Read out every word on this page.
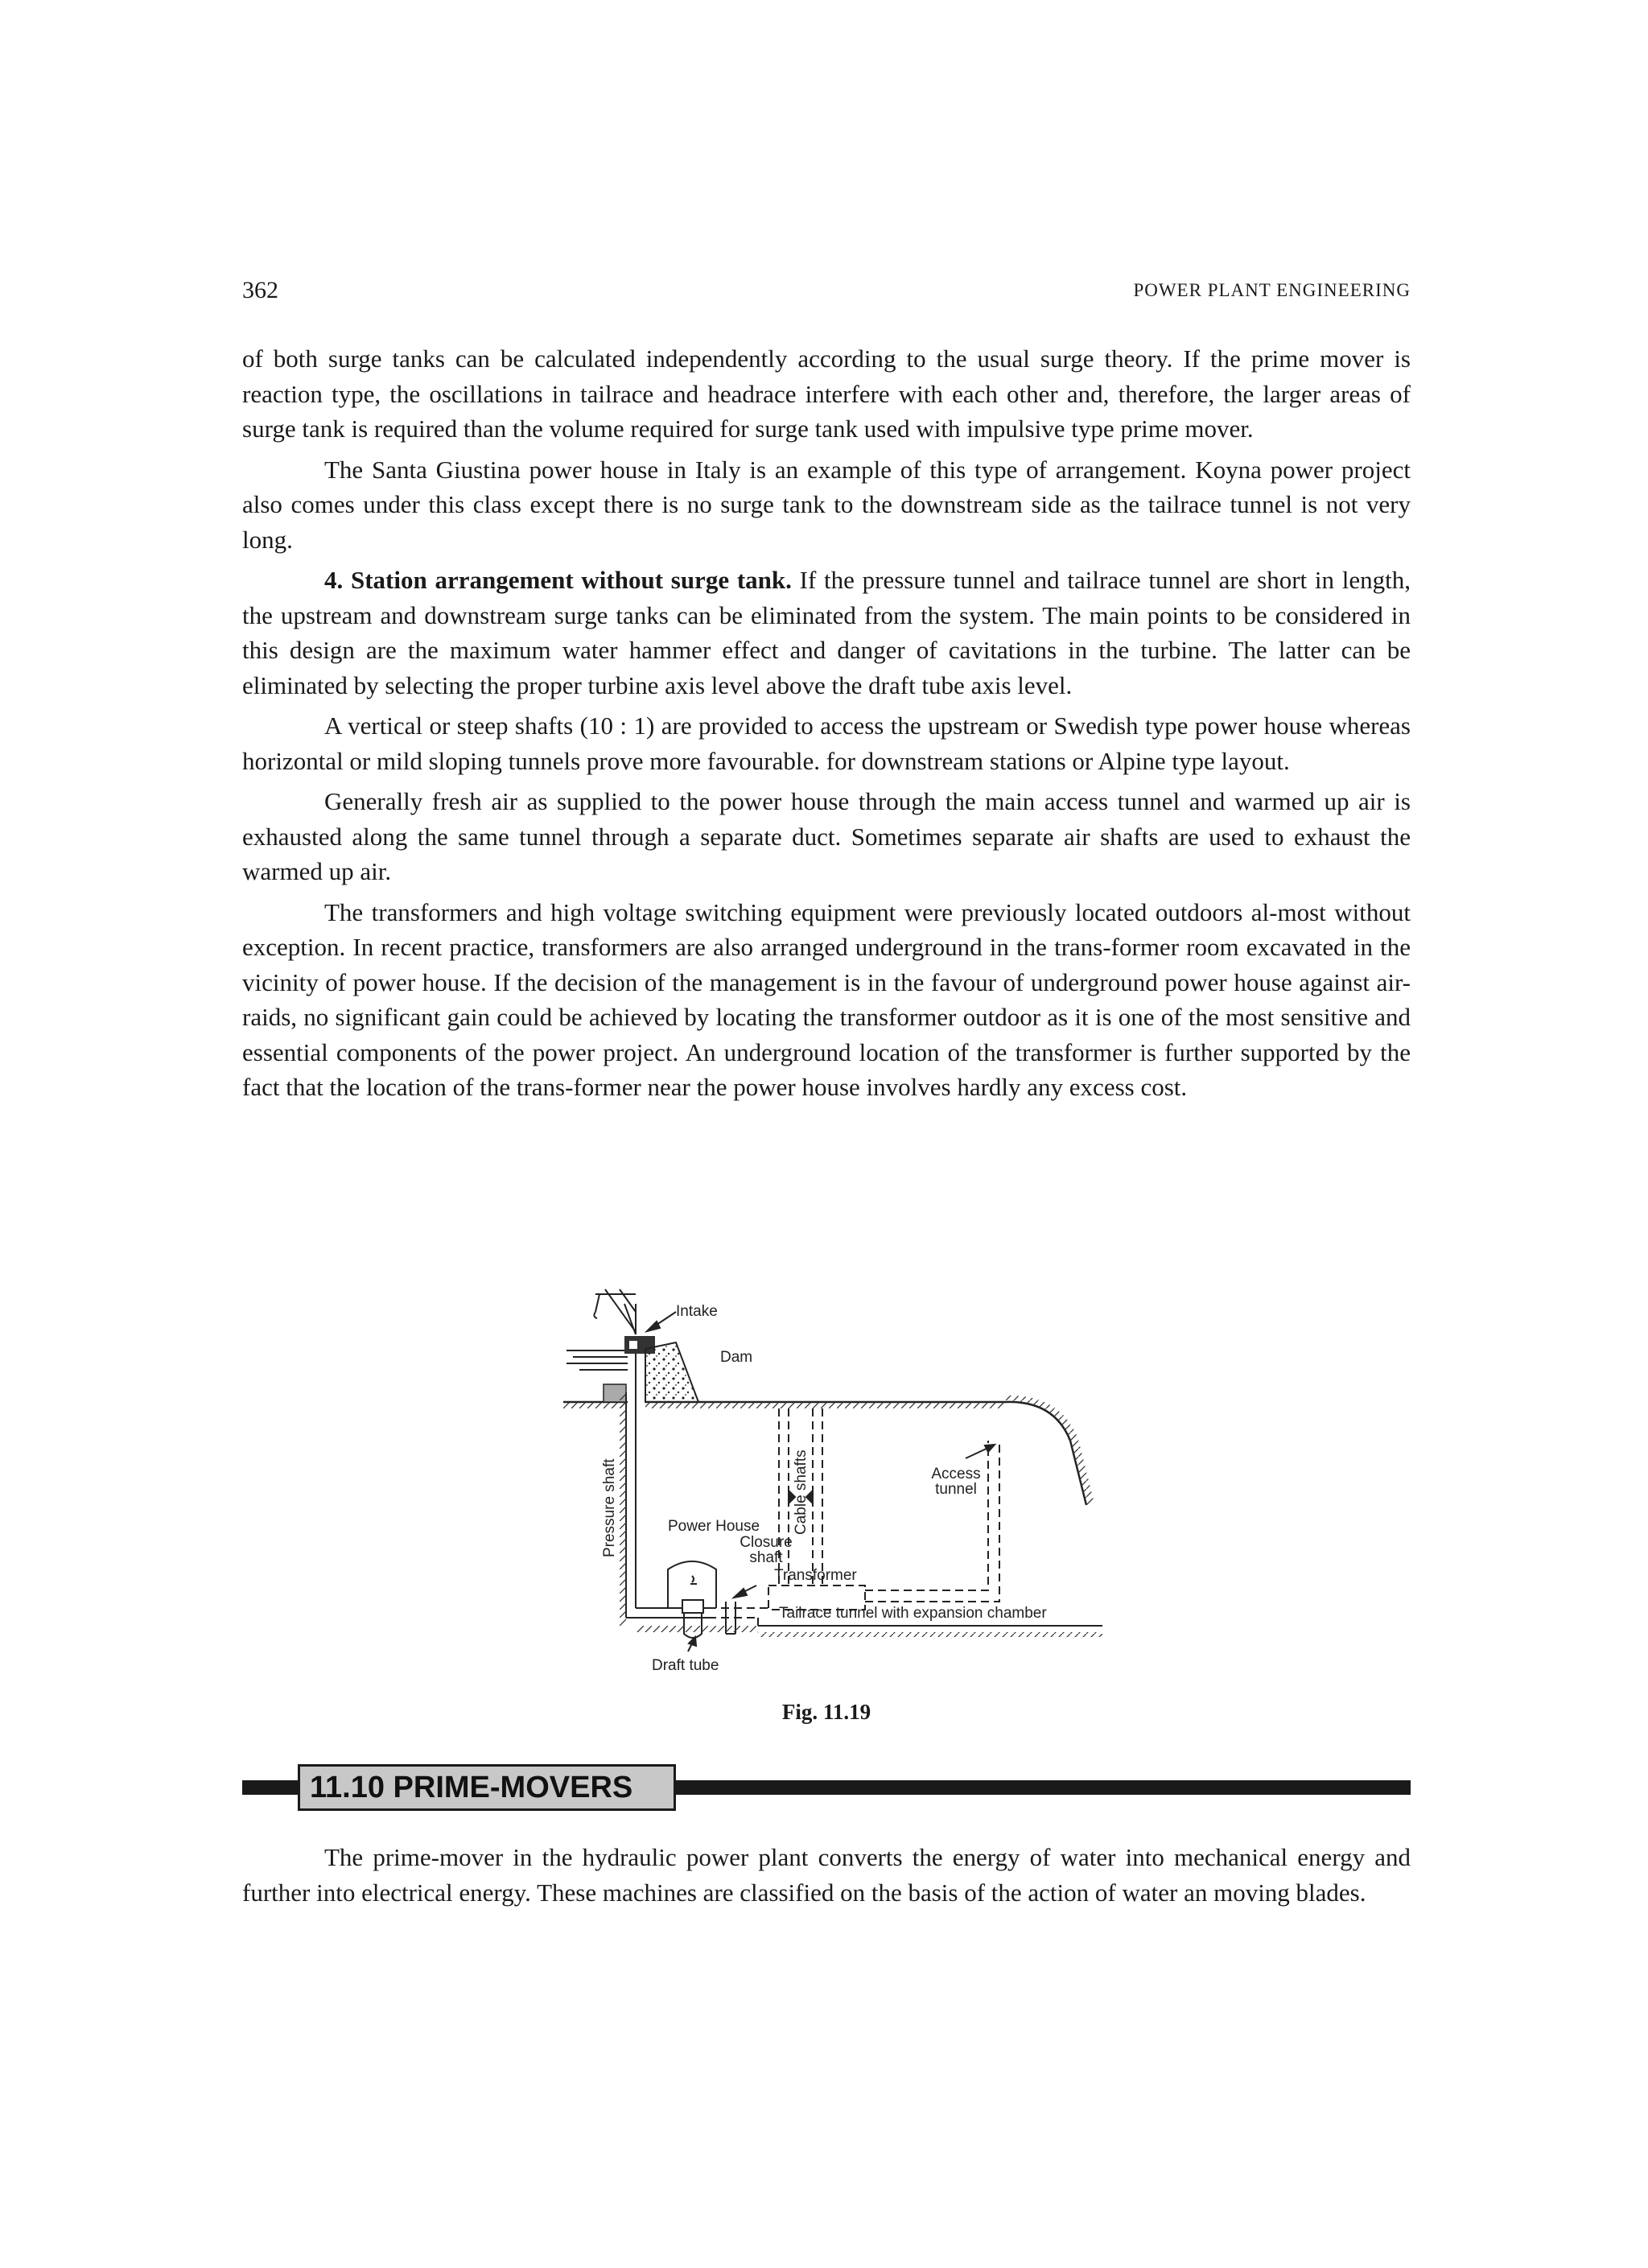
362	POWER PLANT ENGINEERING

of both surge tanks can be calculated independently according to the usual surge theory. If the prime mover is reaction type, the oscillations in tailrace and headrace interfere with each other and, therefore, the larger areas of surge tank is required than the volume required for surge tank used with impulsive type prime mover.

The Santa Giustina power house in Italy is an example of this type of arrangement. Koyna power project also comes under this class except there is no surge tank to the downstream side as the tailrace tunnel is not very long.

4. Station arrangement without surge tank. If the pressure tunnel and tailrace tunnel are short in length, the upstream and downstream surge tanks can be eliminated from the system. The main points to be considered in this design are the maximum water hammer effect and danger of cavitations in the turbine. The latter can be eliminated by selecting the proper turbine axis level above the draft tube axis level.

A vertical or steep shafts (10 : 1) are provided to access the upstream or Swedish type power house whereas horizontal or mild sloping tunnels prove more favourable. for downstream stations or Alpine type layout.

Generally fresh air as supplied to the power house through the main access tunnel and warmed up air is exhausted along the same tunnel through a separate duct. Sometimes separate air shafts are used to exhaust the warmed up air.

The transformers and high voltage switching equipment were previously located outdoors al-most without exception. In recent practice, transformers are also arranged underground in the trans-former room excavated in the vicinity of power house. If the decision of the management is in the favour of underground power house against air-raids, no significant gain could be achieved by locating the transformer outdoor as it is one of the most sensitive and essential components of the power project. An underground location of the transformer is further supported by the fact that the location of the trans-former near the power house involves hardly any excess cost.

Intake
Dam
Pressure shaft	Cable shafts	Access
tunnel
Power House
Closure
shaft
Transformer
Tailrace tunnel with expansion chamber
Draft tube
Fig. 11.19
11.10 PRIME-MOVERS

The prime-mover in the hydraulic power plant converts the energy of water into mechanical energy and further into electrical energy. These machines are classified on the basis of the action of water an moving blades.
